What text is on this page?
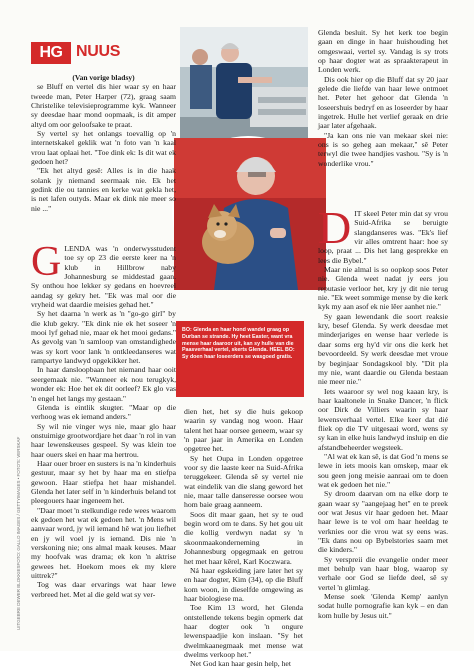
HG NUUS
UITGEBRE DEWER BLOKKIESFOTO: GALLO IMAGES / GETTYIMAGES • FOTO'S: VERSKAF

(Van vorige bladsy)

se Bluff en vertel dis hier waar sy en haar tweede man, Peter Harper (72), graag saam Christelike televisieprogramme kyk. Wanneer sy deesdae haar mond oopmaak, is dit amper altyd om oor geloofsake te praat.

Sy vertel sy het onlangs toevallig op 'n internetskakel geklik wat 'n foto van 'n kaal vrou laat oplaai het. "Toe dink ek: Is dit wat ek gedoen het?

"Ek het altyd gesê: Alles is in die haak solank jy niemand seermaak nie. Ek het gedink die ou tannies en kerke wat gekla het, is net lafen outyds. Maar ek dink nie meer so nie ..."

G LENDA was 'n onderwysstudent toe sy op 23 die eerste keer na 'n klub in Hillbrow naby Johannesburg se middestad gaan. Sy onthou hoe lekker sy gedans en hoevreel aandag sy gekry het. "Ek was mal oor die vryheid wat daardie meisies gehad het."

Sy het daarna 'n werk as 'n "go-go girl" by die klub gekry. "Ek dink nie ek het soseer 'n mooi lyf gehad nie, maar ek het mooi gedans." As gevolg van 'n samloop van omstandighede was sy kort voor lank 'n ontkleedanseres wat rampartye landwyd opgekikker het.

In haar dansloopbaan het niemand haar ooit seergemaak nie. "Wanneer ek nou terugkyk, wonder ek: Hoe het ek dit oorleef? Ek glo vas 'n engel het langs my gestaan."

Glenda is eintlik skugter. "Maar op die verhoog was ek iemand anders."

Sy wil nie vinger wys nie, maar glo haar onstuimige grootwordjare het daar 'n rol in van haar lewenskeuses gespeel. Sy was klein toe haar ouers skei en haar ma hertrou.

Haar ouer broer en susters is na 'n kinderhuis gestuur, maar sy het by haar ma en stiefpa gewoon. Haar stiefpa het haar mishandel. Glenda het later self in 'n kinderhuis beland tot pleegouers haar ingeneem het.

"Daar moet 'n stelkundige rede wees waarom ek gedoen het wat ek gedoen het. 'n Mens wil aanvaar word, jy wil iemand hê wat jou liefhet en jy wil voel jy is iemand. Dis nie 'n verskoning nie; ons almal maak keuses. Maar my hoofvak was drama; ek kon 'n aktrise gewees het. Hoekom moes ek my klere uittrek?"

Tog was daar ervarings wat haar lewe verbreed het. Met al die geld wat sy ver-

BO: Glenda en haar hond wandel graag op Durban se strande. Hy heet Easter, want vra mense haar daaroor uit, kan sy hulle van die Paasverhaal vertel, skerts Glenda. HEEL BO: Sy doen haar loseerders se wasgoed gratis.

dien het, het sy die huis gekoop waarin sy vandag nog woon. Haar talent het haar oorsee geneem, waar sy 'n paar jaar in Amerika en Londen opgetree het.

Sy het Oupa in Londen opgetree voor sy die laaste keer na Suid-Afrika teruggekeer. Glenda sê sy vertel nie wat eindelik van die slang geword het nie, maar talle danseresse oorsee wou hom baie graag aanneem.

Soos dit maar gaan, het sy te oud begin word om te dans. Sy het gou uit die kollig verdwyn nadat sy 'n skoonmaakonderneming in Johannesburg opgegmaak en getrou het met haar kêrel, Karl Koczwara.

Ná haar egskeiding jare later het sy en haar dogter, Kim (34), op die Bluff kom woon, in dieselfde omgewing as haar biologiese ma.

Toe Kim 13 word, het Glenda ontstellende tekens begin opmerk dat haar dogter ook 'n ongure lewenspaadjie kon inslaan. "Sy het dwelmkaanegmaak met mense wat dwelms verkoop het."

Net God kan haar gesin help, het

Glenda besluit. Sy het kerk toe begin gaan en dinge in haar huishouding het omgeswaai, vertel sy. Vandag is sy trots op haar dogter wat as spraakterapeut in Londen werk.

Dis ook hier op die Bluff dat sy 20 jaar gelede die liefde van haar lewe ontmoet het. Peter het gehoor dat Glenda 'n loseershuis bedryf en as loseerder by haar ingetrek. Hulle het verlief geraak en drie jaar later afgehaak.

"Ja kan ons nie van mekaar skei nie: ons is so geheg aan mekaar," sê Peter terwyl die twee handjies vashou. "Sy is 'n wonderlike vrou."

D IT skeel Peter min dat sy vrou Suid-Afrika se beruigte slangdanseres was. "Ek's lief vir alles omtrent haar: hoe sy loop, praat ... Dis het lang gesprekke en lees die Bybel."

Maar nie almal is so oopkop soos Peter nie. Glenda weet nadat jy eers jou reputasie verloor het, kry jy dit nie terug nie. "Ek weet sommige mense by die kerk kyk my aan asof ek nie lêer aanhet nie."

Sy gaan lewendank die soort reaksie kry, besef Glenda. Sy werk deesdae met minderjariges en wense haar verlede is daar soms erg hy'd vir ons die kerk het bevoordeeld. Sy werk deesdae met vroue by beginjaar Sondagskool bly. "Dit pla my nie, want daardie ou Glenda bestaan nie meer nie."

Iets waaroor sy wel nog kaaan kry, is haar kaaltonele in Snake Dancer, 'n flick oor Dirk de Villiers waarin sy haar lewensverhaal vertel. Elke keer dat dié fliek op die TV uitgesaai word, wens sy sy kan in elke huis landwyd insluip en die afstandbeheerder wegsteek.

"Al wat ek kan sê, is dat God 'n mens se lewe in iets moois kan omskep, maar ek sou geen jong meisie aanraai om te doen wat ek gedoen het nie."

Sy droom daarvan om na elke dorp te gaan waar sy "aangejaag het" en te preek oor wat Jesus vir haar gedoen het. Maar haar lewe is te vol om haar heeldag te verknies oor die vrou wat sy eens was. "Ek dans nou op Bybelstories saam met die kinders."

Sy verspreii die evangelie onder meer met behulp van haar blog, waarop sy verhale oor God se liefde deel, sê sy vertel 'n glimlag.

Mense soek 'Glenda Kemp' aanlyn sodat hulle pornografie kan kyk – en dan kom hulle by Jesus uit."
